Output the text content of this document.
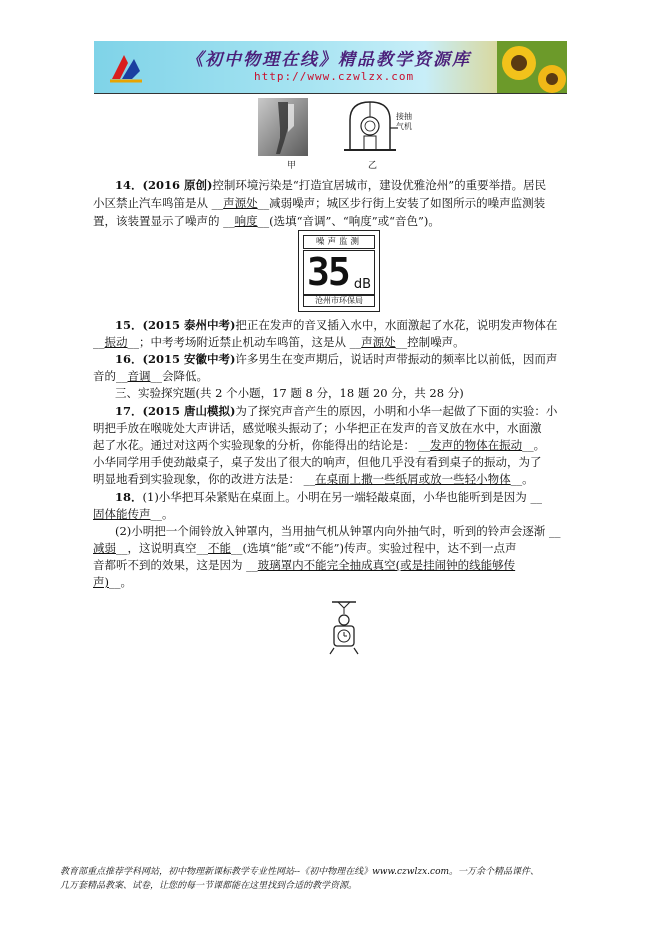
《初中物理在线》精品教学资源库
http://www.czwlzx.com
甲
接抽
气机
乙
14．(2016 原创)控制环境污染是“打造宜居城市，建设优雅沧州”的重要举措。居民
小区禁止汽车鸣笛是从 __声源处__减弱噪声；城区步行街上安装了如图所示的噪声监测装
置，该装置显示了噪声的 __响度__(选填“音调”、“响度”或“音色”)。
噪声监测
35 dB
沧州市环保局
15．(2015 泰州中考)把正在发声的音叉插入水中，水面激起了水花，说明发声物体在
__振动__；中考考场附近禁止机动车鸣笛，这是从 __声源处__控制噪声。
16．(2015 安徽中考)许多男生在变声期后，说话时声带振动的频率比以前低，因而声
音的__音调__会降低。
三、实验探究题(共 2 个小题，17 题 8 分，18 题 20 分，共 28 分)
17．(2015 唐山模拟)为了探究声音产生的原因，小明和小华一起做了下面的实验：小
明把手放在喉咙处大声讲话，感觉喉头振动了；小华把正在发声的音叉放在水中，水面激
起了水花。通过对这两个实验现象的分析，你能得出的结论是： __发声的物体在振动__。
小华同学用手使劲敲桌子，桌子发出了很大的响声，但他几乎没有看到桌子的振动，为了
明显地看到实验现象，你的改进方法是： __在桌面上撒一些纸屑或放一些轻小物体__。
18．(1)小华把耳朵紧贴在桌面上。小明在另一端轻敲桌面，小华也能听到是因为 __
固体能传声__。
(2)小明把一个闹铃放入钟罩内，当用抽气机从钟罩内向外抽气时，听到的铃声会逐渐 __
减弱__，这说明真空__不能__(选填“能”或“不能”)传声。实验过程中，达不到一点声
音都听不到的效果，这是因为 __玻璃罩内不能完全抽成真空(或是挂闹钟的线能够传
声)__。
教育部重点推荐学科网站，初中物理新课标教学专业性网站--《初中物理在线》www.czwlzx.com。一万余个精品课件、
几万套精品教案、试卷，让您的每一节课都能在这里找到合适的教学资源。
